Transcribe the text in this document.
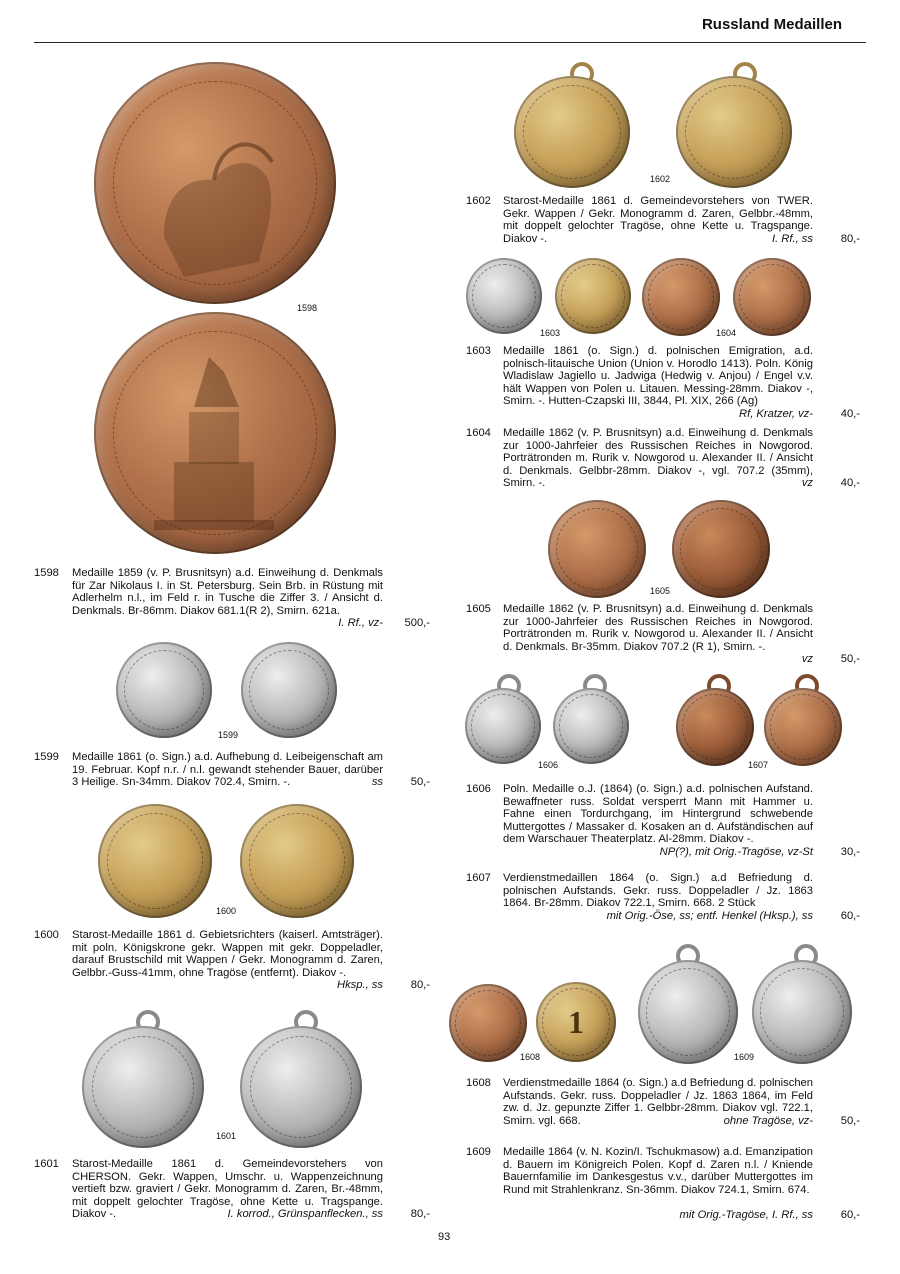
Russland Medaillen
1598
1599
1600
1601
1602
1603	1604
1605
1606	1607
1
1608	1609
1598 Medaille 1859 (v. P. Brusnitsyn) a.d. Einweihung d. Denkmals für Zar Nikolaus I. in St. Petersburg. Sein Brb. in Rüstung mit Adlerhelm n.l., im Feld r. in Tusche die Ziffer 3. / Ansicht d. Denkmals. Br-86mm. Diakov 681.1(R 2), Smirn. 621a.
I. Rf., vz-	500,-
1599 Medaille 1861 (o. Sign.) a.d. Aufhebung d. Leibeigenschaft am 19. Februar. Kopf n.r. / n.l. gewandt stehender Bauer, darüber 3 Heilige. Sn-34mm. Diakov 702.4, Smirn. -.	ss	50,-
1600 Starost-Medaille 1861 d. Gebietsrichters (kaiserl. Amtsträger). mit poln. Königskrone gekr. Wappen mit gekr. Doppeladler, darauf Brustschild mit Wappen / Gekr. Monogramm d. Zaren, Gelbbr.-Guss-41mm, ohne Tragöse (entfernt). Diakov -.
Hksp., ss	80,-
1601 Starost-Medaille 1861 d. Gemeindevorstehers von CHERSON. Gekr. Wappen, Umschr. u. Wappenzeichnung vertieft bzw. graviert / Gekr. Monogramm d. Zaren, Br.-48mm, mit doppelt gelochter Tragöse, ohne Kette u. Tragspange. Diakov -.	I. korrod., Grünspanflecken., ss	80,-
1602 Starost-Medaille 1861 d. Gemeindevorstehers von TWER. Gekr. Wappen / Gekr. Monogramm d. Zaren, Gelbbr.-48mm, mit doppelt gelochter Tragöse, ohne Kette u. Tragspange. Diakov -.	I. Rf., ss	80,-
1603 Medaille 1861 (o. Sign.) d. polnischen Emigration, a.d. polnisch-litauische Union (Union v. Horodlo 1413). Poln. König Wladislaw Jagiello u. Jadwiga (Hedwig v. Anjou) / Engel v.v. hält Wappen von Polen u. Litauen. Messing-28mm. Diakov -, Smirn. -. Hutten-Czapski III, 3844, Pl. XIX, 266 (Ag)
Rf, Kratzer, vz-	40,-
1604 Medaille 1862 (v. P. Brusnitsyn) a.d. Einweihung d. Denkmals zur 1000-Jahrfeier des Russischen Reiches in Nowgorod. Porträtronden m. Rurik v. Nowgorod u. Alexander II. / Ansicht d. Denkmals. Gelbbr-28mm. Diakov -, vgl. 707.2 (35mm), Smirn. -.	vz	40,-
1605 Medaille 1862 (v. P. Brusnitsyn) a.d. Einweihung d. Denkmals zur 1000-Jahrfeier des Russischen Reiches in Nowgorod. Porträtronden m. Rurik v. Nowgorod u. Alexander II. / Ansicht d. Denkmals. Br-35mm. Diakov 707.2 (R 1), Smirn. -.
vz	50,-
1606 Poln. Medaille o.J. (1864) (o. Sign.) a.d. polnischen Aufstand. Bewaffneter russ. Soldat versperrt Mann mit Hammer u. Fahne einen Tordurchgang, im Hintergrund schwebende Muttergottes / Massaker d. Kosaken an d. Aufständischen auf dem Warschauer Theaterplatz. Al-28mm. Diakov -.
NP(?), mit Orig.-Tragöse, vz-St	30,-
1607 Verdienstmedaillen 1864 (o. Sign.) a.d Befriedung d. polnischen Aufstands. Gekr. russ. Doppeladler / Jz. 1863 1864. Br-28mm. Diakov 722.1, Smirn. 668. 2 Stück
mit Orig.-Öse, ss; entf. Henkel (Hksp.), ss	60,-
1608 Verdienstmedaille 1864 (o. Sign.) a.d Befriedung d. polnischen Aufstands. Gekr. russ. Doppeladler / Jz. 1863 1864, im Feld zw. d. Jz. gepunzte Ziffer 1. Gelbbr-28mm. Diakov vgl. 722.1, Smirn. vgl. 668.	ohne Tragöse, vz-	50,-
1609 Medaille 1864 (v. N. Kozin/I. Tschukmasow) a.d. Emanzipation d. Bauern im Königreich Polen. Kopf d. Zaren n.l. / Kniende Bauernfamilie im Dankesgestus v.v., darüber Muttergottes im Rund mit Strahlenkranz. Sn-36mm. Diakov 724.1, Smirn. 674.
mit Orig.-Tragöse, I. Rf., ss	60,-
93
